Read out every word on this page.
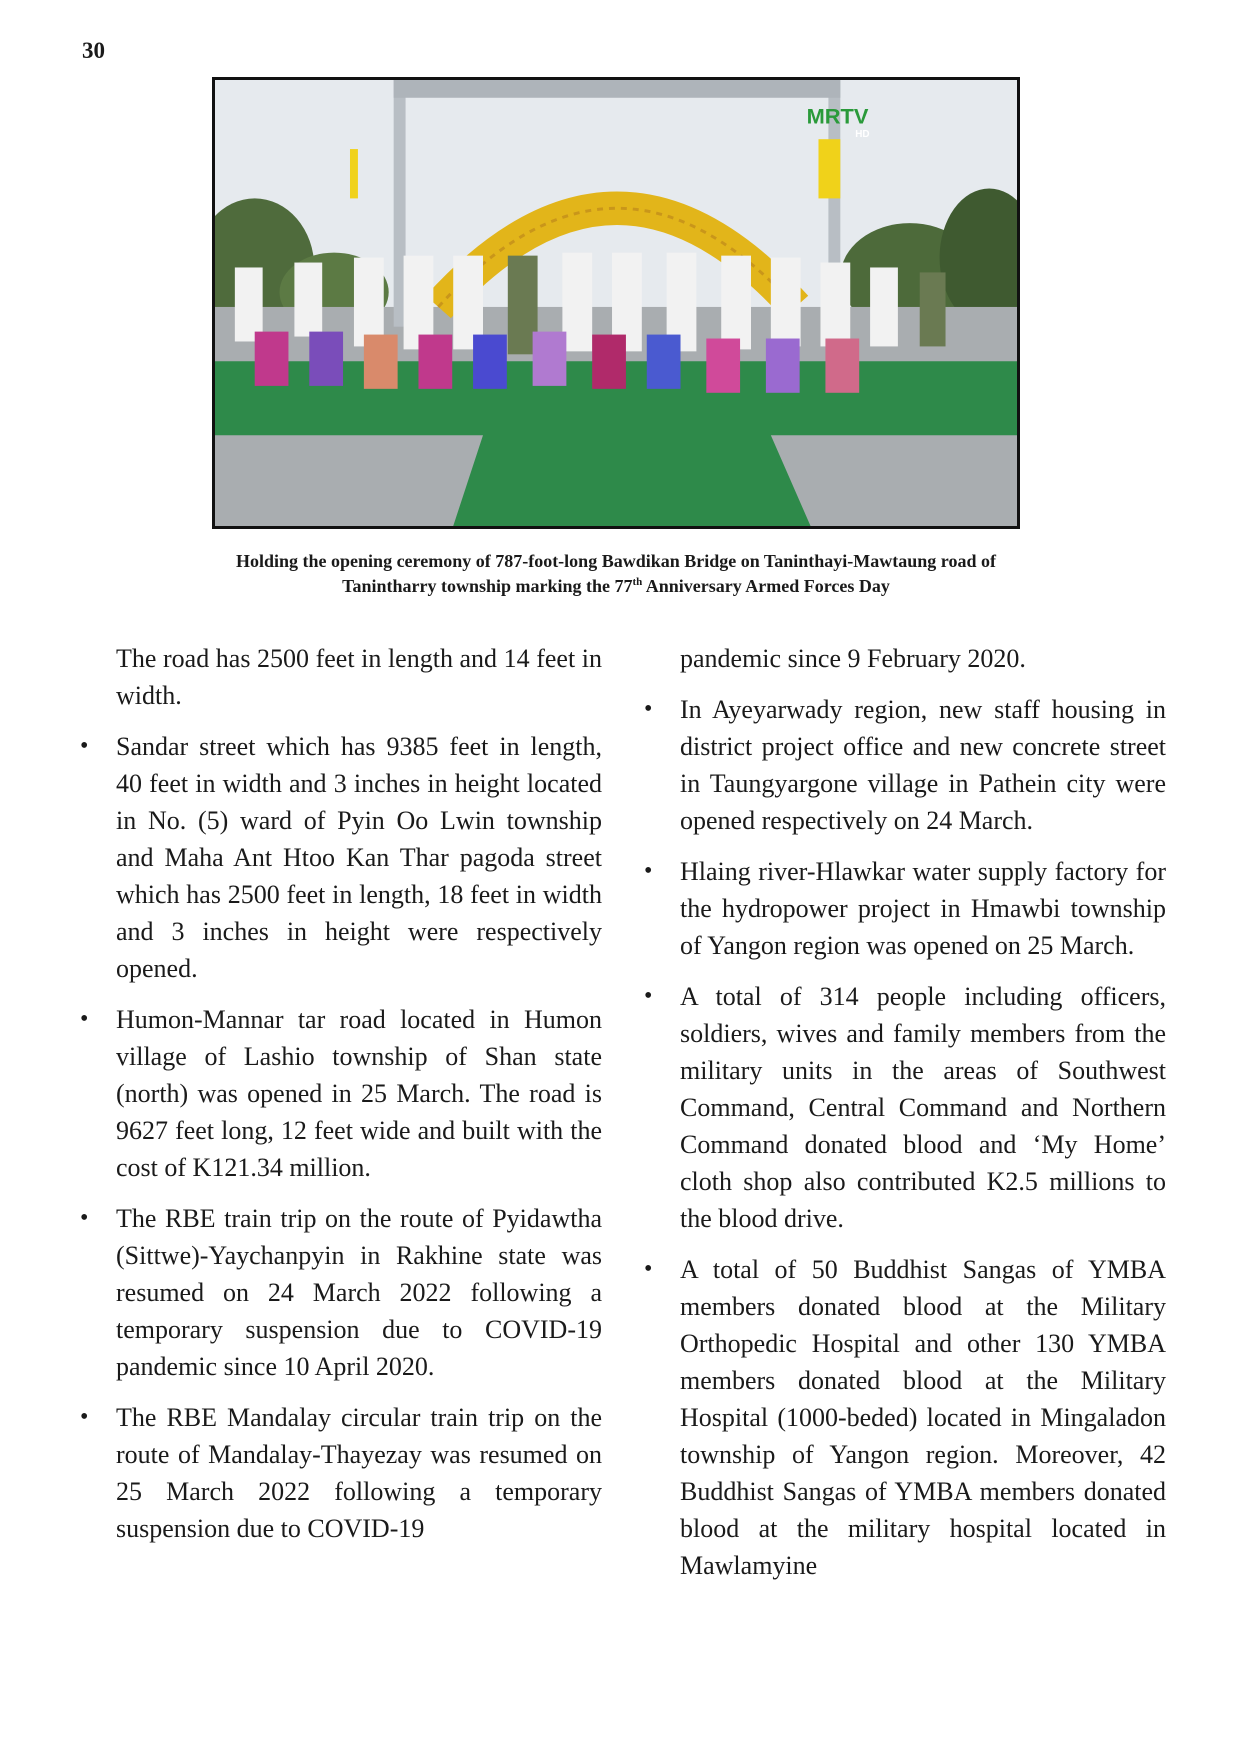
30
MRTV
HD
Holding the opening ceremony of 787-foot-long Bawdikan Bridge on Taninthayi-Mawtaung road of Tanintharry township marking the 77th Anniversary Armed Forces Day

The road has 2500 feet in length and 14 feet in width.

• Sandar street which has 9385 feet in length, 40 feet in width and 3 inches in height located in No. (5) ward of Pyin Oo Lwin township and Maha Ant Htoo Kan Thar pagoda street which has 2500 feet in length, 18 feet in width and 3 inches in height were respectively opened.

• Humon-Mannar tar road located in Humon village of Lashio township of Shan state (north) was opened in 25 March. The road is 9627 feet long, 12 feet wide and built with the cost of K121.34 million.

• The RBE train trip on the route of Pyidawtha (Sittwe)-Yaychanpyin in Rakhine state was resumed on 24 March 2022 following a temporary suspension due to COVID-19 pandemic since 10 April 2020.

• The RBE Mandalay circular train trip on the route of Mandalay-Thayezay was resumed on 25 March 2022 following a temporary suspension due to COVID-19

pandemic since 9 February 2020.

• In Ayeyarwady region, new staff housing in district project office and new concrete street in Taungyargone village in Pathein city were opened respectively on 24 March.

• Hlaing river-Hlawkar water supply factory for the hydropower project in Hmawbi township of Yangon region was opened on 25 March.

• A total of 314 people including officers, soldiers, wives and family members from the military units in the areas of Southwest Command, Central Command and Northern Command donated blood and ‘My Home’ cloth shop also contributed K2.5 millions to the blood drive.

• A total of 50 Buddhist Sangas of YMBA members donated blood at the Military Orthopedic Hospital and other 130 YMBA members donated blood at the Military Hospital (1000-beded) located in Mingaladon township of Yangon region. Moreover, 42 Buddhist Sangas of YMBA members donated blood at the military hospital located in Mawlamyine
